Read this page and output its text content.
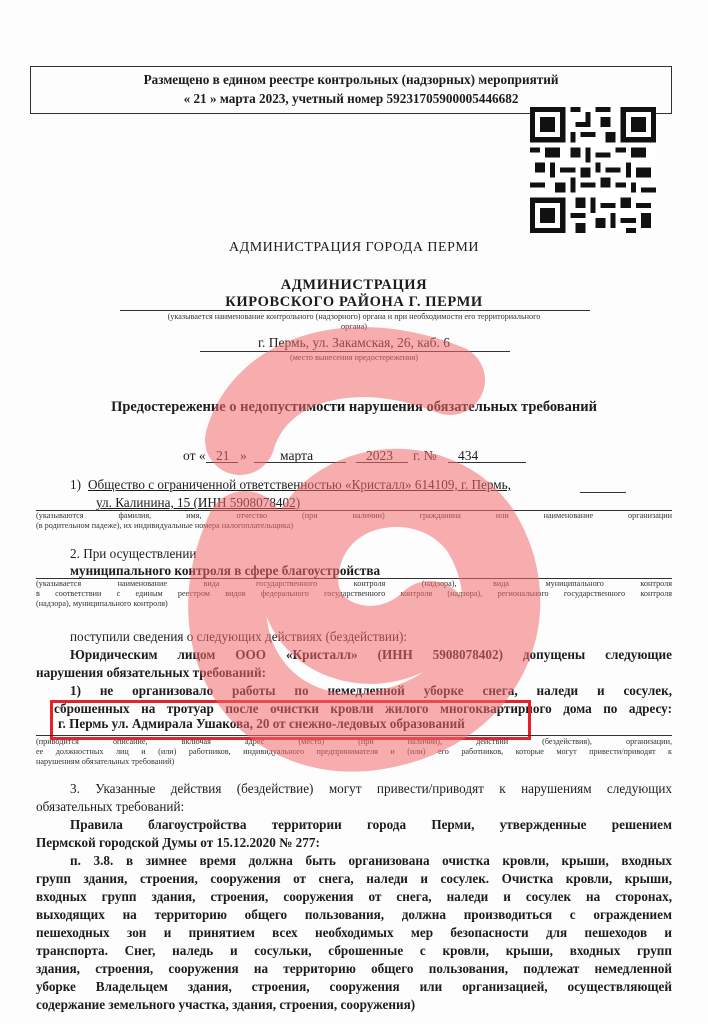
Размещено в едином реестре контрольных (надзорных) мероприятий
« 21 » марта 2023, учетный номер 59231705900005446682
АДМИНИСТРАЦИЯ ГОРОДА ПЕРМИ
АДМИНИСТРАЦИЯ
КИРОВСКОГО РАЙОНА Г. ПЕРМИ
(указывается наименование контрольного (надзорного) органа и при необходимости его территориального
органа)
г. Пермь, ул. Закамская, 26, каб. 6
(место вынесения предостережения)
Предостережение о недопустимости нарушения обязательных требований
от « 21 » марта	2023 г. № 434
1) Общество с ограниченной ответственностью «Кристалл» 614109, г. Пермь,
ул. Калинина, 15 (ИНН 5908078402)
(указываются фамилия, имя, отчество (при наличии) гражданина или наименование организации
(в родительном падеже), их индивидуальные номера налогоплательщика)
2. При осуществлении
муниципального контроля в сфере благоустройства
(указывается наименование вида государственного контроля (надзора), вида муниципального контроля
в соответствии с единым реестром видов федерального государственного контроля (надзора), регионального государственного контроля
(надзора), муниципального контроля)
поступили сведения о следующих действиях (бездействии):
Юридическим лицом ООО «Кристалл» (ИНН 5908078402) допущены следующие
нарушения обязательных требований:
1) не организовало работы по немедленной уборке снега, наледи и сосулек,
сброшенных на тротуар после очистки кровли жилого многоквартирного дома по адресу:
г. Пермь ул. Адмирала Ушакова, 20 от снежно-ледовых образований
(приводится описание, включая адрес (место) (при наличии), действий (бездействия), организации,
ее должностных лиц и (или) работников, индивидуального предпринимателя и (или) его работников, которые могут привести/приводят к
нарушениям обязательных требований)
3. Указанные действия (бездействие) могут привести/приводят к нарушениям следующих
обязательных требований:
Правила благоустройства территории города Перми, утвержденные решением
Пермской городской Думы от 15.12.2020 № 277:
п. 3.8. в зимнее время должна быть организована очистка кровли, крыши, входных
групп здания, строения, сооружения от снега, наледи и сосулек. Очистка кровли, крыши,
входных групп здания, строения, сооружения от снега, наледи и сосулек на сторонах,
выходящих на территорию общего пользования, должна производиться с ограждением
пешеходных зон и принятием всех необходимых мер безопасности для пешеходов и
транспорта. Снег, наледь и сосульки, сброшенные с кровли, крыши, входных групп
здания, строения, сооружения на территорию общего пользования, подлежат немедленной
уборке Владельцем здания, строения, сооружения или организацией, осуществляющей
содержание земельного участка, здания, строения, сооружения)
